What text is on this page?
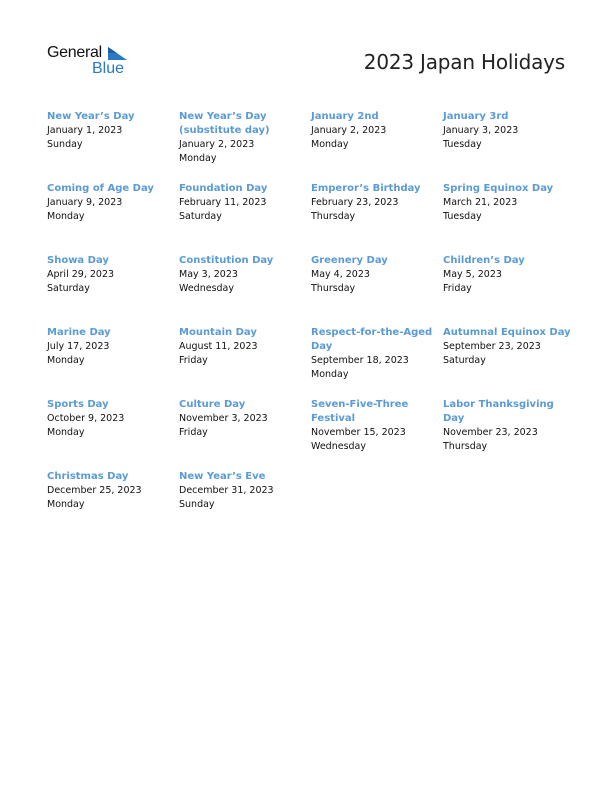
General
Blue	2023 Japan Holidays
New Year’s Day
January 1, 2023
Sunday
New Year’s Day (substitute day)
January 2, 2023
Monday
January 2nd
January 2, 2023
Monday
January 3rd
January 3, 2023
Tuesday
Coming of Age Day
January 9, 2023
Monday
Foundation Day
February 11, 2023
Saturday
Emperor’s Birthday
February 23, 2023
Thursday
Spring Equinox Day
March 21, 2023
Tuesday
Showa Day
April 29, 2023
Saturday
Constitution Day
May 3, 2023
Wednesday
Greenery Day
May 4, 2023
Thursday
Children’s Day
May 5, 2023
Friday
Marine Day
July 17, 2023
Monday
Mountain Day
August 11, 2023
Friday
Respect-for-the-Aged Day
September 18, 2023
Monday
Autumnal Equinox Day
September 23, 2023
Saturday
Sports Day
October 9, 2023
Monday
Culture Day
November 3, 2023
Friday
Seven-Five-Three Festival
November 15, 2023
Wednesday
Labor Thanksgiving Day
November 23, 2023
Thursday
Christmas Day
December 25, 2023
Monday
New Year’s Eve
December 31, 2023
Sunday
